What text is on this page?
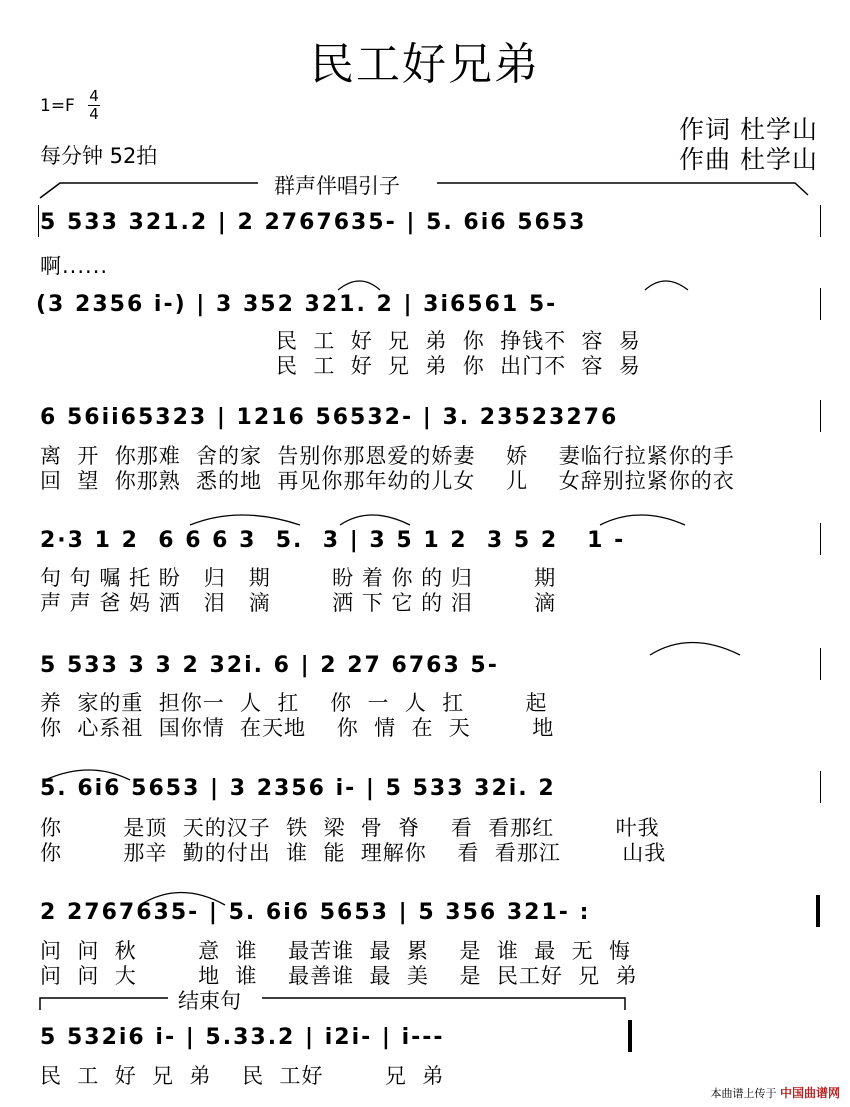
民工好兄弟
$1=F \frac{4}{4}$
每分钟 52拍
作词 杜学山
作曲 杜学山
群声伴唱引子
结束句
5 533 321.2 | 2 2767635- | 5. 6i6 5653
啊......
(3 2356 i-) | 3 352 321. 2 | 3i6561 5-
民  工  好  兄  弟  你  挣钱不  容  易
民  工  好  兄  弟  你  出门不  容  易
6 56ii65323 | 1216 56532- | 3. 23523276
离  开  你那难  舍的家  告别你那恩爱的娇妻    娇    妻临行拉紧你的手
回  望  你那熟  悉的地  再见你那年幼的儿女    儿    女辞别拉紧你的衣
2·3 1 2  6 6 6 3  5.  3 | 3 5 1 2  3 5 2   1 -
句 句 嘱 托 盼   归   期        盼 着 你 的 归        期
声 声 爸 妈 洒   泪   滴        洒 下 它 的 泪        滴
5 533 3 3 2 32i. 6 | 2 27 6763 5-
养  家的重  担你一  人  扛    你  一  人  扛        起
你  心系祖  国你情  在天地    你  情  在  天        地
5. 6i6 5653 | 3 2356 i- | 5 533 32i. 2
你        是顶  天的汉子  铁  梁  骨  脊    看  看那红        叶我
你        那辛  勤的付出  谁  能  理解你    看  看那江        山我
2 2767635- | 5. 6i6 5653 | 5 356 321- :
问  问  秋        意  谁    最苦谁  最  累    是  谁  最  无  悔
问  问  大        地  谁    最善谁  最  美    是  民工好  兄  弟
5 532i6 i- | 5.33.2 | i2i- | i---
民  工  好  兄  弟    民  工好        兄  弟
本曲谱上传于 中国曲谱网
